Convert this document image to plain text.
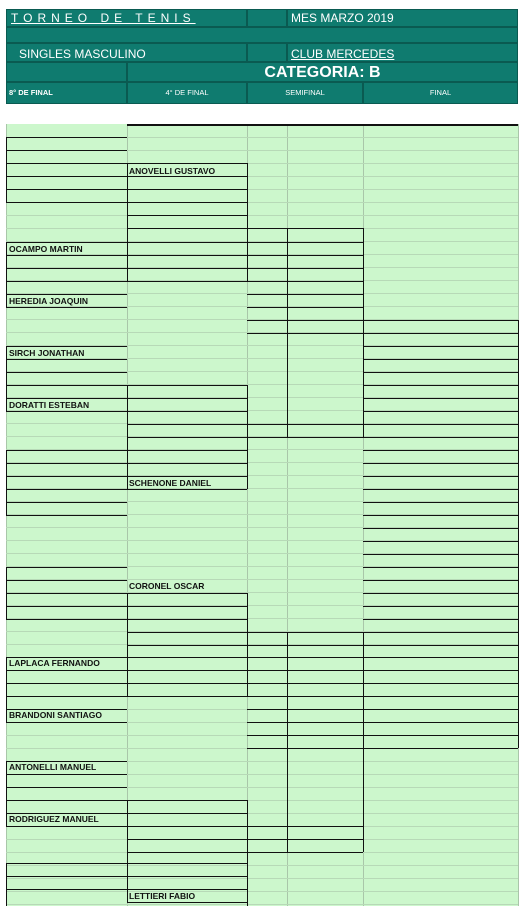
TORNEO DE TENIS	MES MARZO 2019
SINGLES MASCULINO	CLUB MERCEDES
CATEGORIA: B
8° DE FINAL	4° DE FINAL	SEMIFINAL	FINAL
OCAMPO MARTIN
HEREDIA JOAQUIN
SIRCH JONATHAN
DORATTI ESTEBAN
LAPLACA FERNANDO
BRANDONI SANTIAGO
ANTONELLI MANUEL
RODRIGUEZ MANUEL
ANOVELLI GUSTAVO
SCHENONE DANIEL
CORONEL OSCAR
LETTIERI FABIO
